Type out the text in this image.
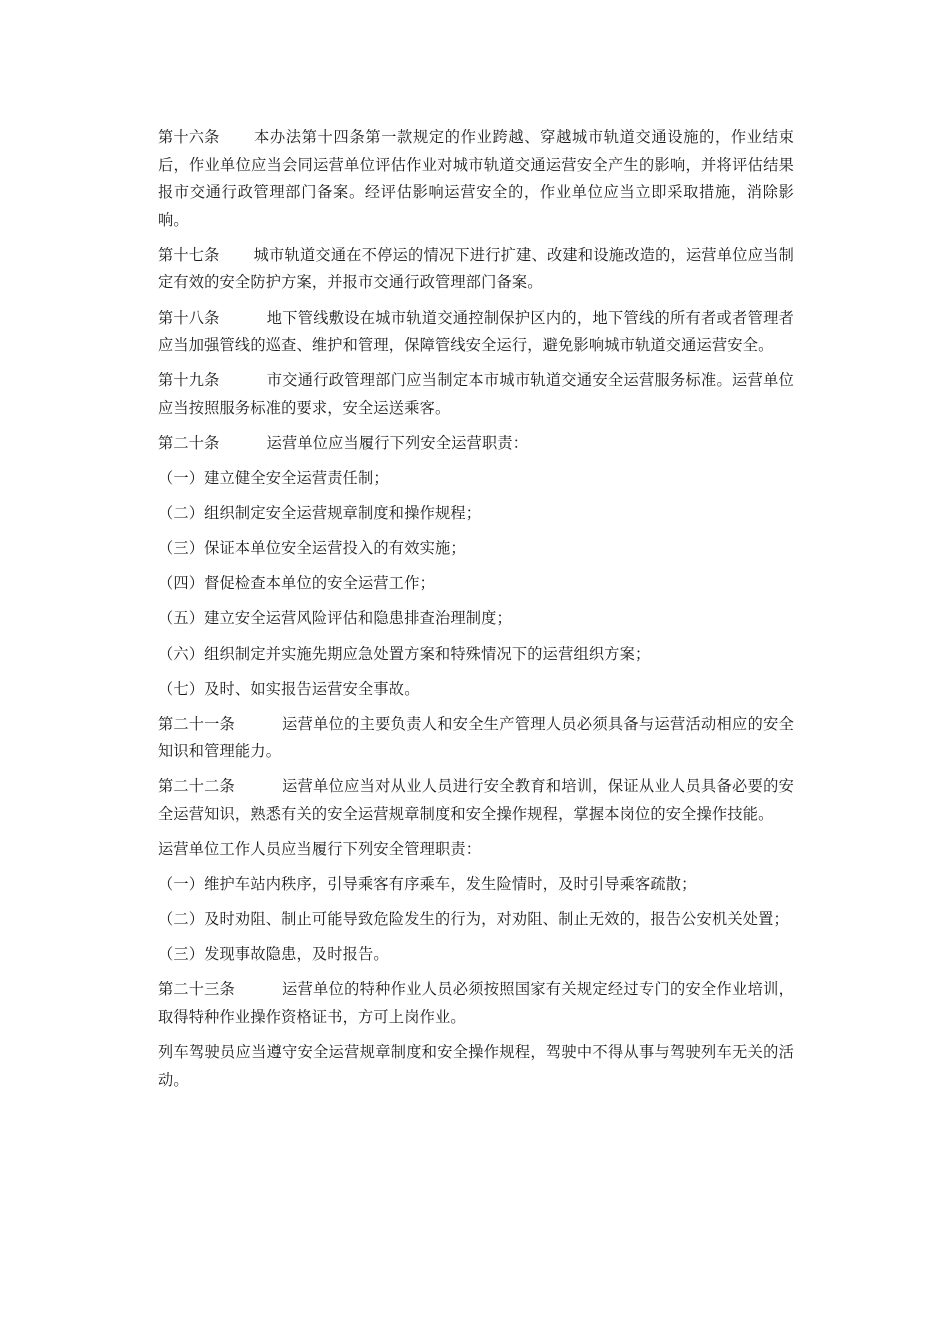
第十六条 本办法第十四条第一款规定的作业跨越、穿越城市轨道交通设施的，作业结束后，作业单位应当会同运营单位评估作业对城市轨道交通运营安全产生的影响，并将评估结果报市交通行政管理部门备案。经评估影响运营安全的，作业单位应当立即采取措施，消除影响。

第十七条 城市轨道交通在不停运的情况下进行扩建、改建和设施改造的，运营单位应当制定有效的安全防护方案，并报市交通行政管理部门备案。

第十八条	地下管线敷设在城市轨道交通控制保护区内的，地下管线的所有者或者管理者应当加强管线的巡查、维护和管理，保障管线安全运行，避免影响城市轨道交通运营安全。

第十九条	市交通行政管理部门应当制定本市城市轨道交通安全运营服务标准。运营单位应当按照服务标准的要求，安全运送乘客。

第二十条	运营单位应当履行下列安全运营职责：

（一）建立健全安全运营责任制；

（二）组织制定安全运营规章制度和操作规程；

（三）保证本单位安全运营投入的有效实施；

（四）督促检查本单位的安全运营工作；

（五）建立安全运营风险评估和隐患排查治理制度；

（六）组织制定并实施先期应急处置方案和特殊情况下的运营组织方案；

（七）及时、如实报告运营安全事故。

第二十一条	运营单位的主要负责人和安全生产管理人员必须具备与运营活动相应的安全知识和管理能力。

第二十二条	运营单位应当对从业人员进行安全教育和培训，保证从业人员具备必要的安全运营知识，熟悉有关的安全运营规章制度和安全操作规程，掌握本岗位的安全操作技能。

运营单位工作人员应当履行下列安全管理职责：

（一）维护车站内秩序，引导乘客有序乘车，发生险情时，及时引导乘客疏散；

（二）及时劝阻、制止可能导致危险发生的行为，对劝阻、制止无效的，报告公安机关处置；

（三）发现事故隐患，及时报告。

第二十三条	运营单位的特种作业人员必须按照国家有关规定经过专门的安全作业培训，取得特种作业操作资格证书，方可上岗作业。

列车驾驶员应当遵守安全运营规章制度和安全操作规程，驾驶中不得从事与驾驶列车无关的活动。
